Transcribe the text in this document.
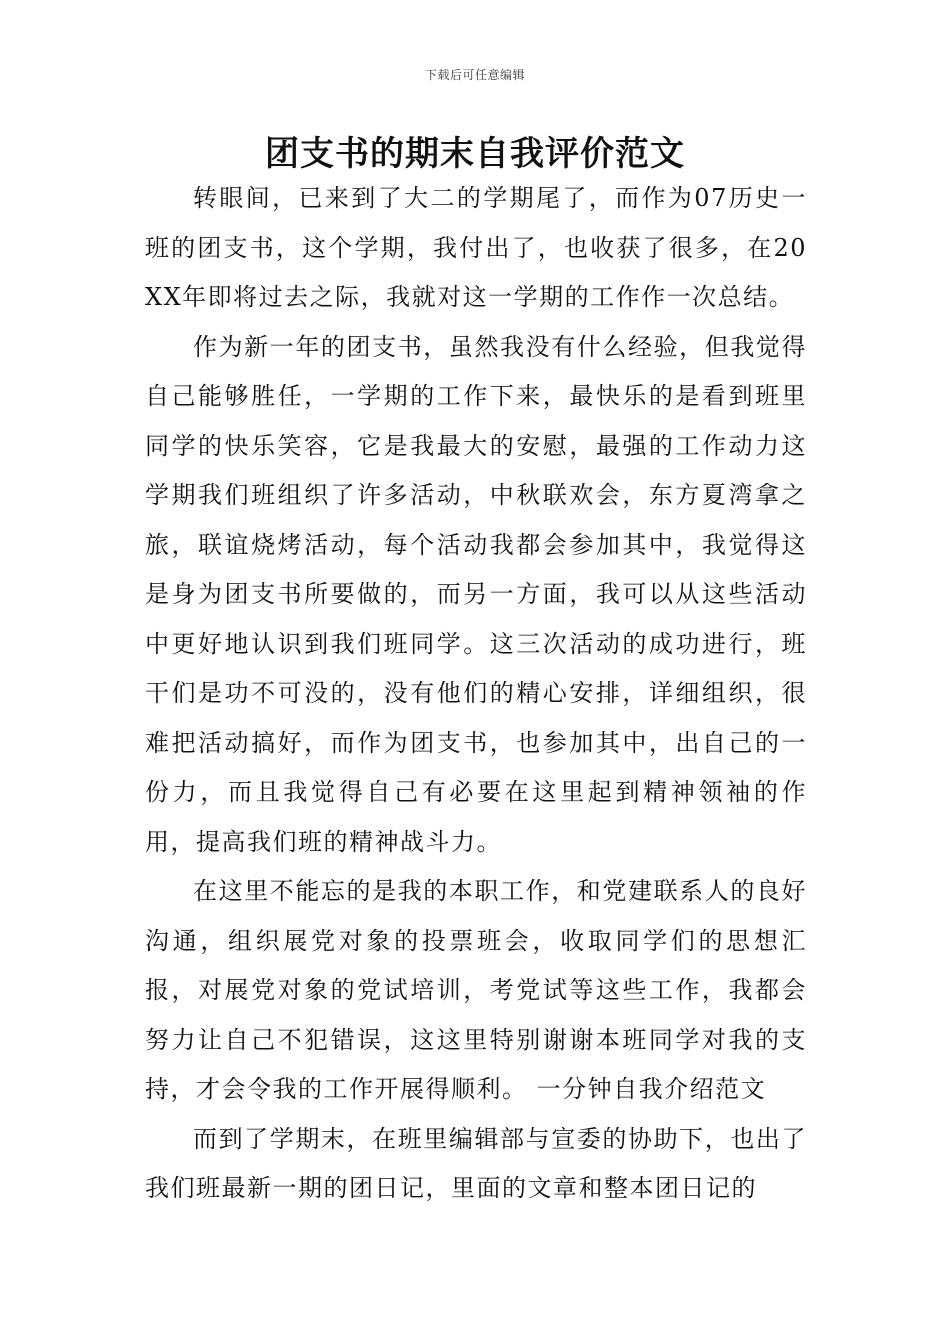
下载后可任意编辑
团支书的期末自我评价范文

转眼间，已来到了大二的学期尾了，而作为07历史一班的团支书，这个学期，我付出了，也收获了很多，在20XX年即将过去之际，我就对这一学期的工作作一次总结。

作为新一年的团支书，虽然我没有什么经验，但我觉得自己能够胜任，一学期的工作下来，最快乐的是看到班里同学的快乐笑容，它是我最大的安慰，最强的工作动力这学期我们班组织了许多活动，中秋联欢会，东方夏湾拿之旅，联谊烧烤活动，每个活动我都会参加其中，我觉得这是身为团支书所要做的，而另一方面，我可以从这些活动中更好地认识到我们班同学。这三次活动的成功进行，班干们是功不可没的，没有他们的精心安排，详细组织，很难把活动搞好，而作为团支书，也参加其中，出自己的一份力，而且我觉得自己有必要在这里起到精神领袖的作用，提高我们班的精神战斗力。

在这里不能忘的是我的本职工作，和党建联系人的良好沟通，组织展党对象的投票班会，收取同学们的思想汇报，对展党对象的党试培训，考党试等这些工作，我都会努力让自己不犯错误，这这里特别谢谢本班同学对我的支持，才会令我的工作开展得顺利。 一分钟自我介绍范文

而到了学期末，在班里编辑部与宣委的协助下，也出了我们班最新一期的团日记，里面的文章和整本团日记的
